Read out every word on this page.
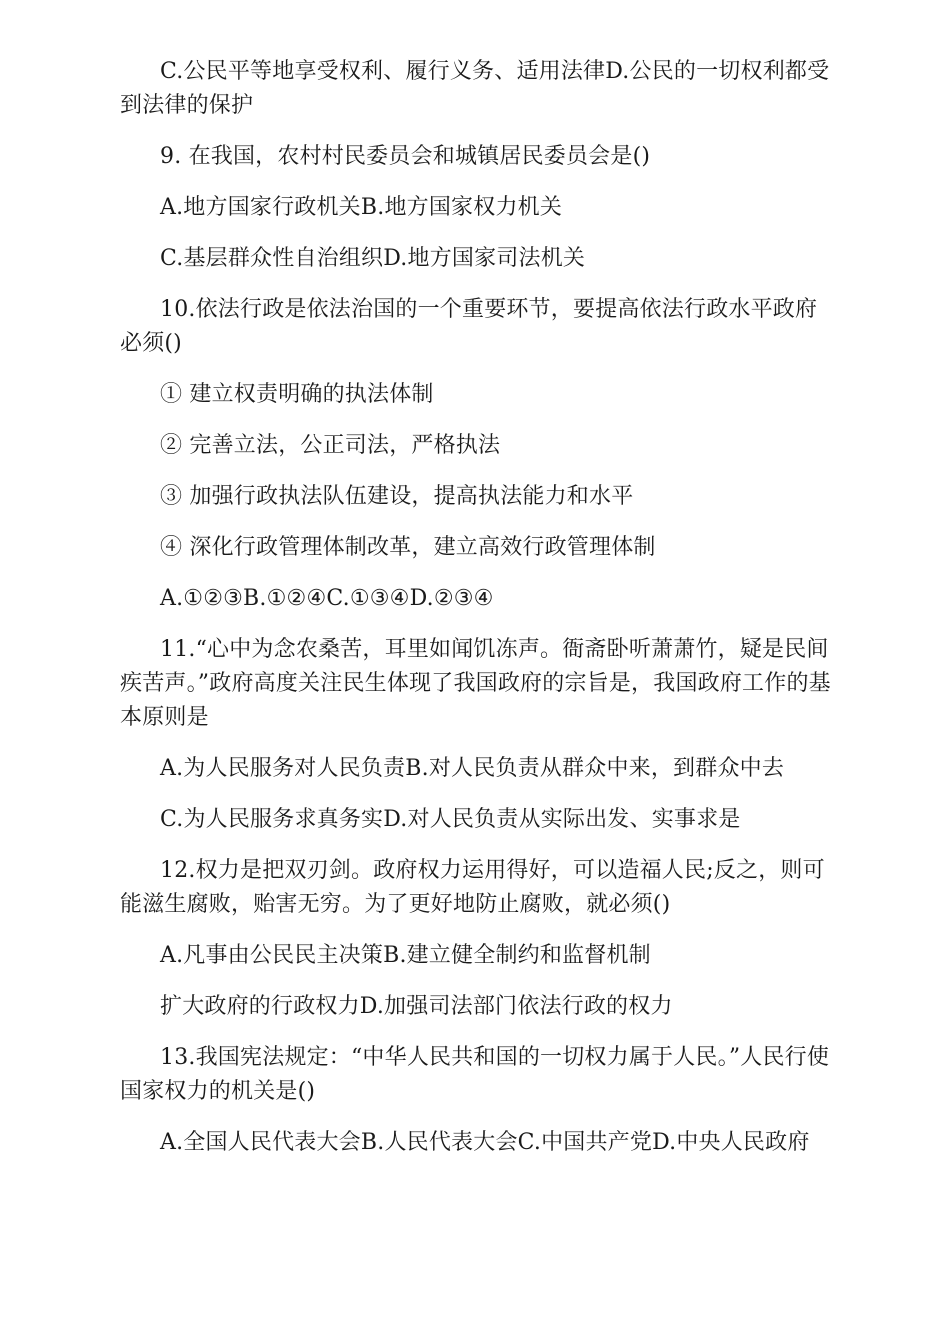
C.公民平等地享受权利、履行义务、适用法律D.公民的一切权利都受到法律的保护

9. 在我国，农村村民委员会和城镇居民委员会是()

A.地方国家行政机关B.地方国家权力机关

C.基层群众性自治组织D.地方国家司法机关

10.依法行政是依法治国的一个重要环节，要提高依法行政水平政府必须()

① 建立权责明确的执法体制

② 完善立法，公正司法，严格执法

③ 加强行政执法队伍建设，提高执法能力和水平

④ 深化行政管理体制改革，建立高效行政管理体制

A.①②③B.①②④C.①③④D.②③④

11.“心中为念农桑苦，耳里如闻饥冻声。衙斋卧听萧萧竹，疑是民间疾苦声。”政府高度关注民生体现了我国政府的宗旨是，我国政府工作的基本原则是

A.为人民服务对人民负责B.对人民负责从群众中来，到群众中去

C.为人民服务求真务实D.对人民负责从实际出发、实事求是

12.权力是把双刃剑。政府权力运用得好，可以造福人民;反之，则可能滋生腐败，贻害无穷。为了更好地防止腐败，就必须()

A.凡事由公民民主决策B.建立健全制约和监督机制

扩大政府的行政权力D.加强司法部门依法行政的权力

13.我国宪法规定：“中华人民共和国的一切权力属于人民。”人民行使国家权力的机关是()

A.全国人民代表大会B.人民代表大会C.中国共产党D.中央人民政府
